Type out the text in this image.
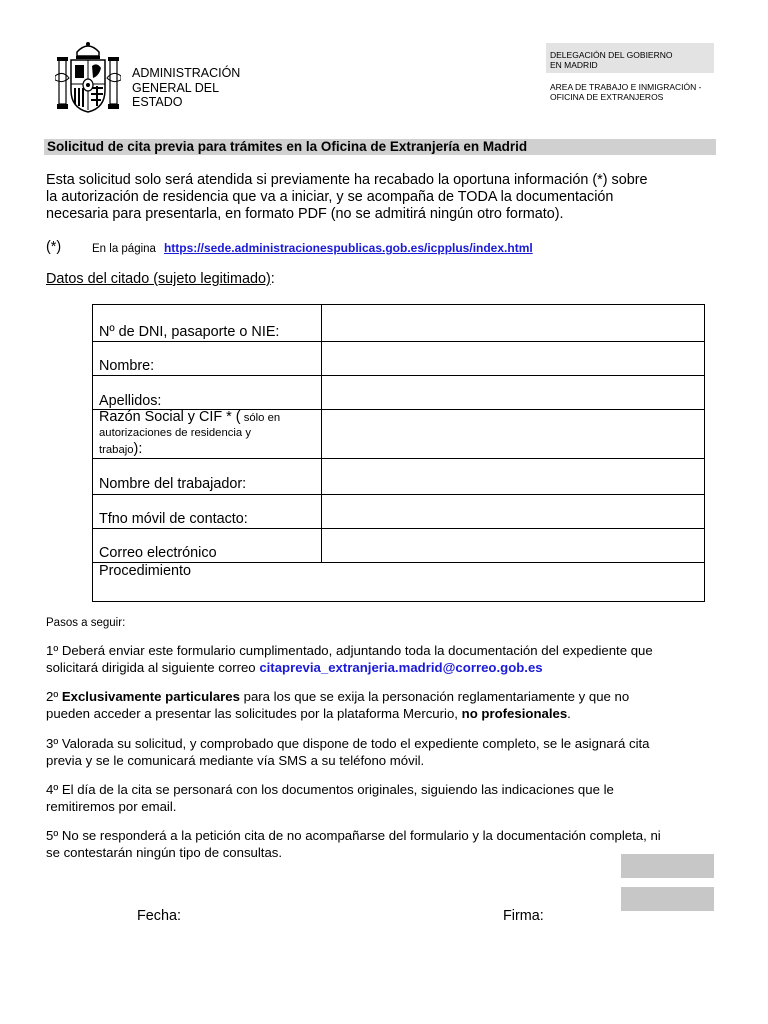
ADMINISTRACIÓN
GENERAL DEL
ESTADO
DELEGACIÓN DEL GOBIERNO
EN MADRID
AREA DE TRABAJO E INMIGRACIÓN -
OFICINA DE EXTRANJEROS
Solicitud de cita previa para trámites en la Oficina de Extranjería en Madrid
Esta solicitud solo será atendida si previamente ha recabado la oportuna información (*) sobre
la autorización de residencia que va a iniciar, y se acompaña de TODA la documentación
necesaria para presentarla, en formato PDF (no se admitirá ningún otro formato).
(*)	En la página https://sede.administracionespublicas.gob.es/icpplus/index.html
Datos del citado (sujeto legitimado):
Nº de DNI, pasaporte o NIE:
Nombre:
Apellidos:
Razón Social y CIF * ( sólo en
autorizaciones de residencia y
trabajo):
Nombre del trabajador:
Tfno móvil de contacto:
Correo electrónico
Procedimiento
Pasos a seguir:
1º Deberá enviar este formulario cumplimentado, adjuntando toda la documentación del expediente que
solicitará dirigida al siguiente correo citaprevia_extranjeria.madrid@correo.gob.es
2º Exclusivamente particulares para los que se exija la personación reglamentariamente y que no
pueden acceder a presentar las solicitudes por la plataforma Mercurio, no profesionales.
3º Valorada su solicitud, y comprobado que dispone de todo el expediente completo, se le asignará cita
previa y se le comunicará mediante vía SMS a su teléfono móvil.
4º El día de la cita se personará con los documentos originales, siguiendo las indicaciones que le
remitiremos por email.
5º No se responderá a la petición cita de no acompañarse del formulario y la documentación completa, ni
se contestarán ningún tipo de consultas.
Fecha:	Firma:
